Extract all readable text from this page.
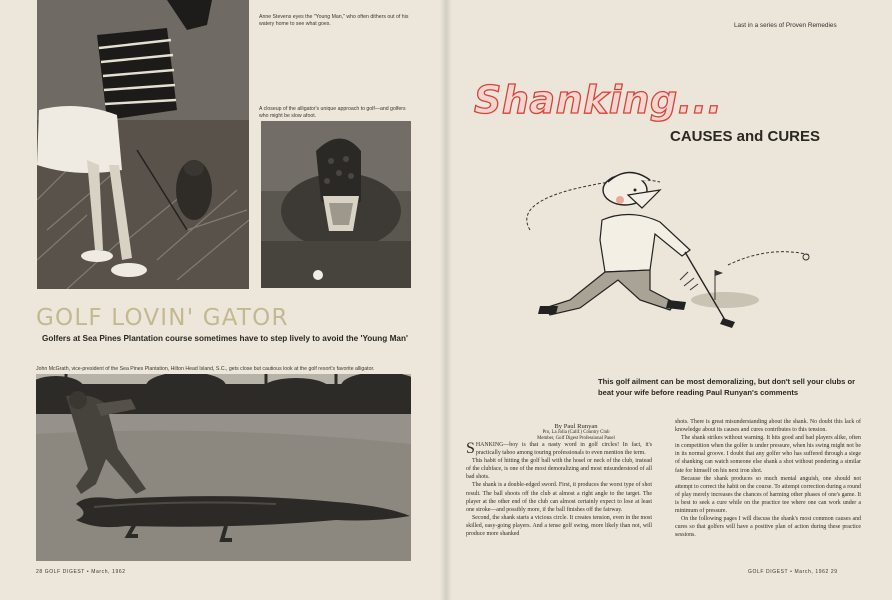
Anne Stevens eyes the "Young Man," who often dithers out of his watery home to see what goes.
A closeup of the alligator's unique approach to golf—and golfers who might be slow afoot.
GOLF LOVIN' GATOR

Golfers at Sea Pines Plantation course sometimes have to step lively to avoid the 'Young Man'

John McGrath, vice-president of the Sea Pines Plantation, Hilton Head Island, S.C., gets close but cautious look at the golf resort's favorite alligator.
28 GOLF DIGEST • March, 1962
Last in a series of Proven Remedies
Shanking...
CAUSES and CURES

This golf ailment can be most demoralizing, but don't sell your clubs or beat your wife before reading Paul Runyan's comments

By Paul Runyan
Pro, La Jolla (Calif.) Country Club
Member, Golf Digest Professional Panel

SHANKING—boy is that a nasty word in golf circles! In fact, it's practically taboo among touring professionals to even mention the term.

This habit of hitting the golf ball with the hosel or neck of the club, instead of the clubface, is one of the most demoralizing and most misunderstood of all bad shots.

The shank is a double-edged sword. First, it produces the worst type of shot result. The ball shoots off the club at almost a right angle to the target. The player at the other end of the club can almost certainly expect to lose at least one stroke—and possibly more, if the ball finishes off the fairway.

Second, the shank starts a vicious circle. It creates tension, even in the most skilled, easy-going players. And a tense golf swing, more likely than not, will produce more shanked

shots. There is great misunderstanding about the shank. No doubt this lack of knowledge about its causes and cures contributes to this tension.

The shank strikes without warning. It hits good and bad players alike, often in competition when the golfer is under pressure, when his swing might not be in its normal groove. I doubt that any golfer who has suffered through a siege of shanking can watch someone else shank a shot without pondering a similar fate for himself on his next iron shot.

Because the shank produces so much mental anguish, one should not attempt to correct the habit on the course. To attempt correction during a round of play merely increases the chances of harming other phases of one's game. It is best to seek a cure while on the practice tee where one can work under a minimum of pressure.

On the following pages I will discuss the shank's most common causes and cures so that golfers will have a positive plan of action during these practice sessions.

GOLF DIGEST • March, 1962 29
